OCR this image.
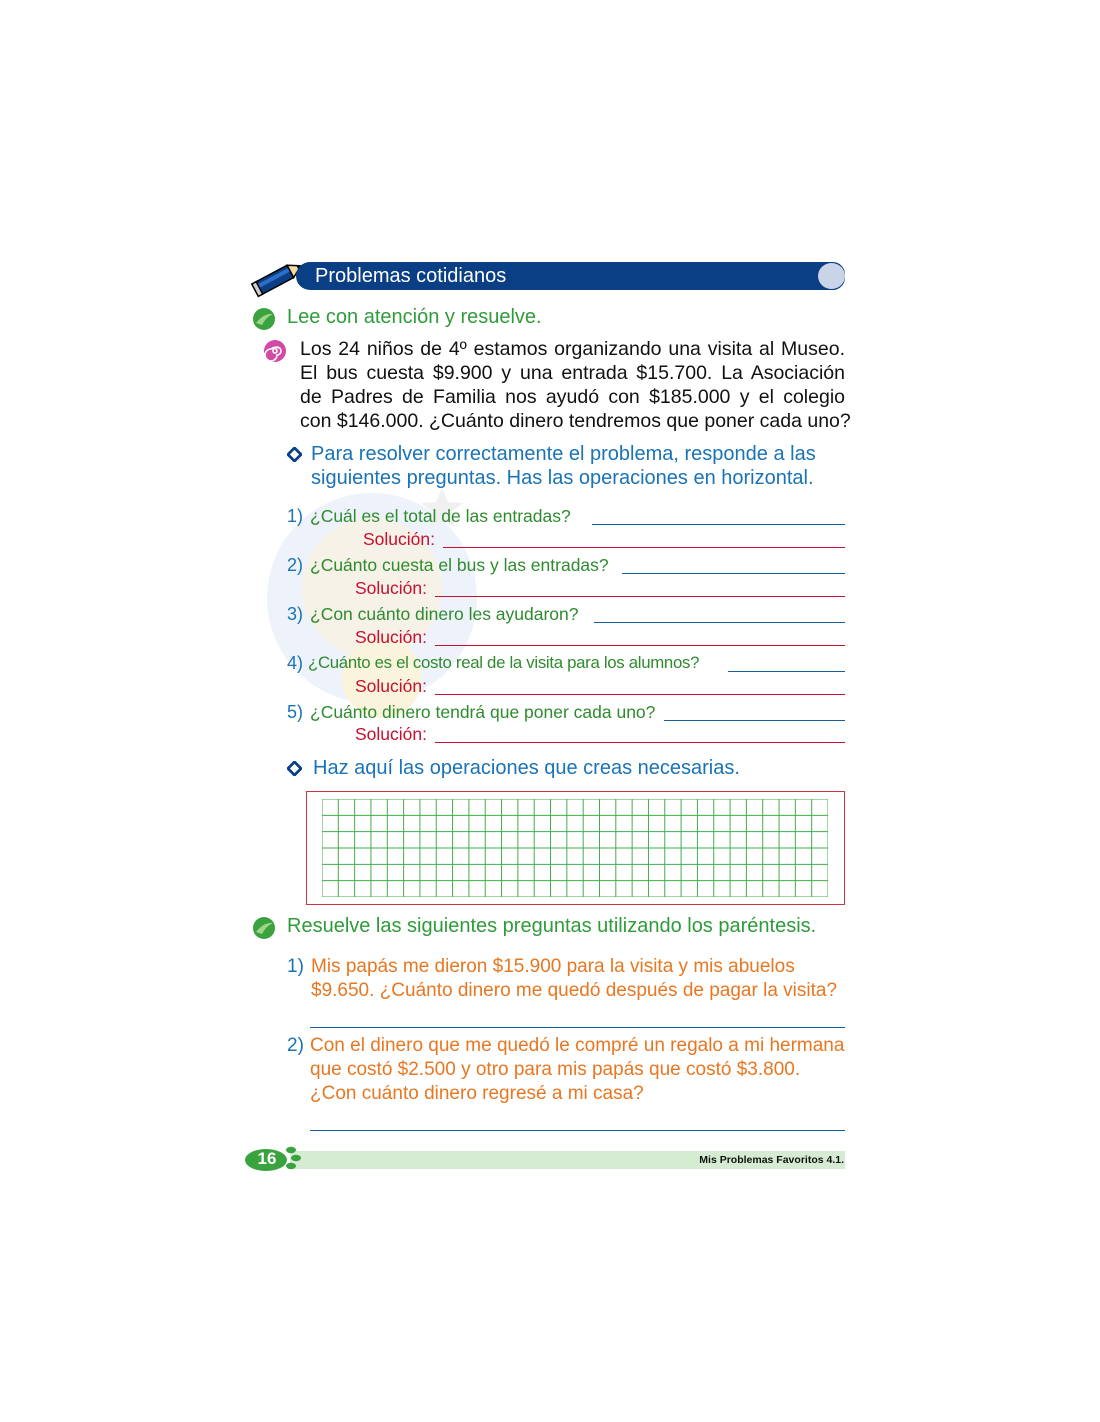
Problemas cotidianos
Lee con atención y resuelve.
Los 24 niños de 4º estamos organizando una visita al Museo.
El bus cuesta $9.900 y una entrada $15.700. La Asociación
de Padres de Familia nos ayudó con $185.000 y el colegio
con $146.000. ¿Cuánto dinero tendremos que poner cada uno?
Para resolver correctamente el problema, responde a las
siguientes preguntas. Has las operaciones en horizontal.
1) ¿Cuál es el total de las entradas?
Solución:
2) ¿Cuánto cuesta el bus y las entradas?
Solución:
3) ¿Con cuánto dinero les ayudaron?
Solución:
4) ¿Cuánto es el costo real de la visita para los alumnos?
Solución:
5) ¿Cuánto dinero tendrá que poner cada uno?
Solución:
Haz aquí las operaciones que creas necesarias.
Resuelve las siguientes preguntas utilizando los paréntesis.
1) Mis papás me dieron $15.900 para la visita y mis abuelos
$9.650. ¿Cuánto dinero me quedó después de pagar la visita?
2) Con el dinero que me quedó le compré un regalo a mi hermana
que costó $2.500 y otro para mis papás que costó $3.800.
¿Con cuánto dinero regresé a mi casa?
16	Mis Problemas Favoritos 4.1.
